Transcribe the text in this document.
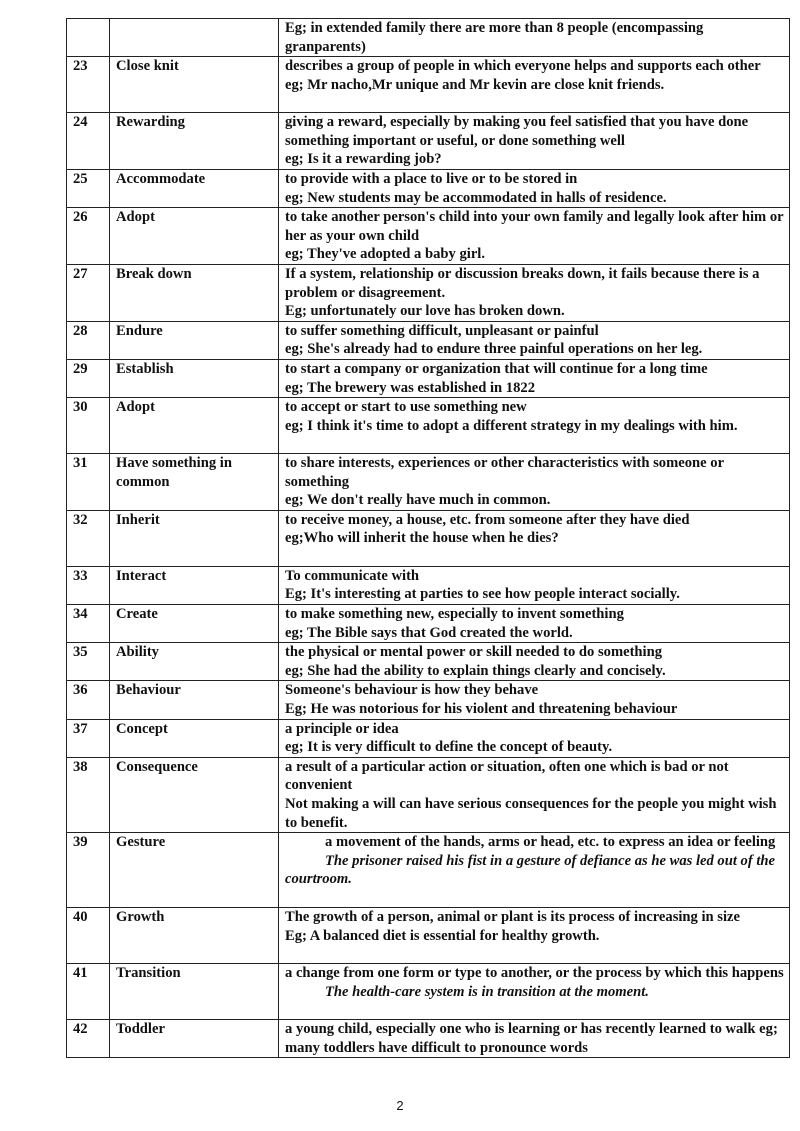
		Eg; in extended family there are more than 8 people (encompassing granparents)

23	Close knit	describes a group of people in which everyone helps and supports each other
eg; Mr nacho,Mr unique and Mr kevin are close knit friends.

24	Rewarding	giving a reward, especially by making you feel satisfied that you have done something important or useful, or done something well
eg; Is it a rewarding job?

25	Accommodate	to provide with a place to live or to be stored in
eg; New students may be accommodated in halls of residence.

26	Adopt	to take another person's child into your own family and legally look after him or her as your own child
eg; They've adopted a baby girl.

27	Break down	If a system, relationship or discussion breaks down, it fails because there is a problem or disagreement.
Eg; unfortunately our love has broken down.

28	Endure	to suffer something difficult, unpleasant or painful
eg; She's already had to endure three painful operations on her leg.

29	Establish	to start a company or organization that will continue for a long time
eg; The brewery was established in 1822

30	Adopt	to accept or start to use something new
eg; I think it's time to adopt a different strategy in my dealings with him.

31	Have something in common	to share interests, experiences or other characteristics with someone or something
eg; We don't really have much in common.

32	Inherit	to receive money, a house, etc. from someone after they have died
eg;Who will inherit the house when he dies?

33	Interact	To communicate with
Eg; It's interesting at parties to see how people interact socially.

34	Create	to make something new, especially to invent something
eg; The Bible says that God created the world.

35	Ability	the physical or mental power or skill needed to do something
eg; She had the ability to explain things clearly and concisely.

36	Behaviour	Someone's behaviour is how they behave
Eg; He was notorious for his violent and threatening behaviour

37	Concept	a principle or idea
eg; It is very difficult to define the concept of beauty.

38	Consequence	a result of a particular action or situation, often one which is bad or not convenient
Not making a will can have serious consequences for the people you might wish to benefit.

39	Gesture	a movement of the hands, arms or head, etc. to express an idea or feeling
The prisoner raised his fist in a gesture of defiance as he was led out of the courtroom.

40	Growth	The growth of a person, animal or plant is its process of increasing in size
Eg; A balanced diet is essential for healthy growth.

41	Transition	a change from one form or type to another, or the process by which this happens
The health-care system is in transition at the moment.

42	Toddler	a young child, especially one who is learning or has recently learned to walk eg; many toddlers have difficult to pronounce words
2
